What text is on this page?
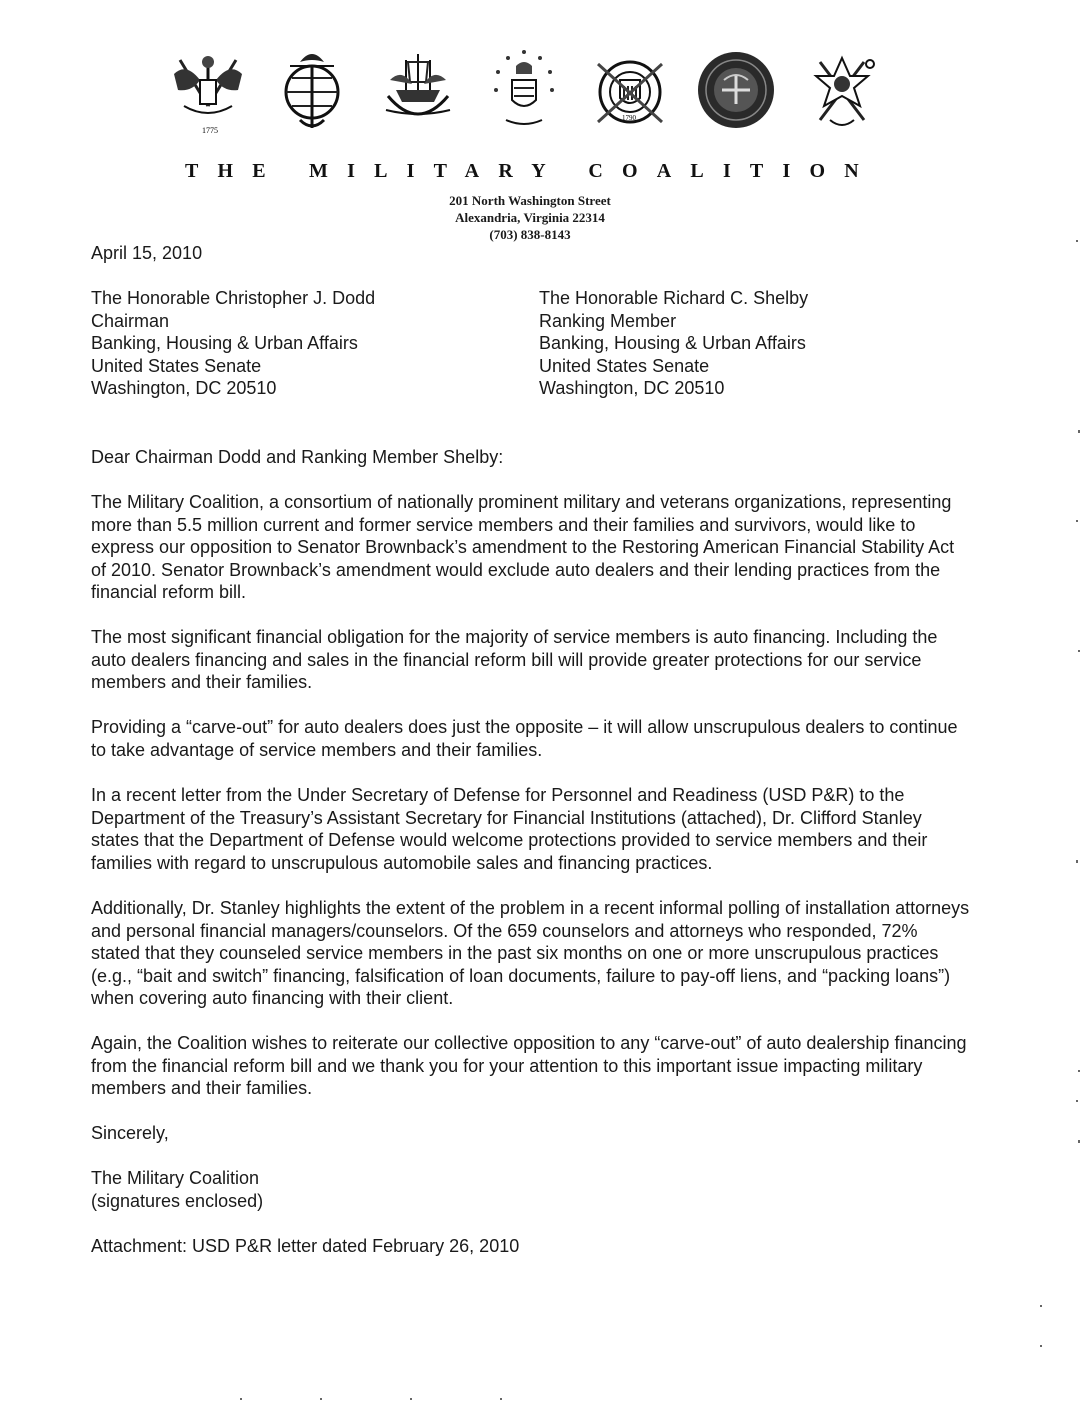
1775
1790
THE MILITARY COALITION
201 North Washington Street
Alexandria, Virginia 22314
(703) 838-8143
April 15, 2010
The Honorable Christopher J. Dodd
Chairman
Banking, Housing & Urban Affairs
United States Senate
Washington, DC 20510
The Honorable Richard C. Shelby
Ranking Member
Banking, Housing & Urban Affairs
United States Senate
Washington, DC 20510
Dear Chairman Dodd and Ranking Member Shelby:

The Military Coalition, a consortium of nationally prominent military and veterans organizations, representing more than 5.5 million current and former service members and their families and survivors, would like to express our opposition to Senator Brownback’s amendment to the Restoring American Financial Stability Act of 2010. Senator Brownback’s amendment would exclude auto dealers and their lending practices from the financial reform bill.

The most significant financial obligation for the majority of service members is auto financing. Including the auto dealers financing and sales in the financial reform bill will provide greater protections for our service members and their families.

Providing a “carve-out” for auto dealers does just the opposite – it will allow unscrupulous dealers to continue to take advantage of service members and their families.

In a recent letter from the Under Secretary of Defense for Personnel and Readiness (USD P&R) to the Department of the Treasury’s Assistant Secretary for Financial Institutions (attached), Dr. Clifford Stanley states that the Department of Defense would welcome protections provided to service members and their families with regard to unscrupulous automobile sales and financing practices.

Additionally, Dr. Stanley highlights the extent of the problem in a recent informal polling of installation attorneys and personal financial managers/counselors. Of the 659 counselors and attorneys who responded, 72% stated that they counseled service members in the past six months on one or more unscrupulous practices (e.g., “bait and switch” financing, falsification of loan documents, failure to pay-off liens, and “packing loans”) when covering auto financing with their client.

Again, the Coalition wishes to reiterate our collective opposition to any “carve-out” of auto dealership financing from the financial reform bill and we thank you for your attention to this important issue impacting military members and their families.

Sincerely,
The Military Coalition
(signatures enclosed)
Attachment: USD P&R letter dated February 26, 2010
